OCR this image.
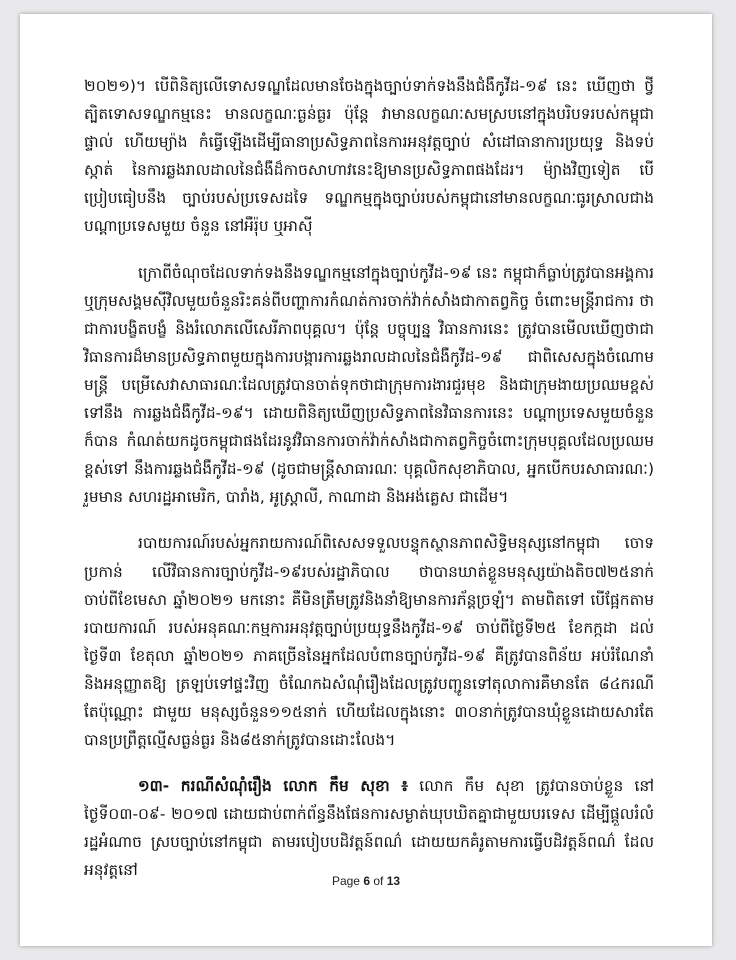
២០២១)។ បើពិនិត្យលើទោសទណ្ឌដែលមានចែងក្នុងច្បាប់ទាក់ទងនឹងជំងឺកូវីដ-១៩ នេះ ឃើញថា ថ្វីត្បិតទោសទណ្ឌកម្មនេះ មានលក្ខណៈធ្ងន់ធ្ងរ ប៉ុន្តែ វាមានលក្ខណៈសមស្របនៅក្នុងបរិបទរបស់កម្ពុជាផ្ទាល់ ហើយម្យ៉ាង កំធ្វើឡើងដើម្បីធានាប្រសិទ្ធភាពនៃការអនុវត្តច្បាប់ សំដៅធានាការប្រយុទ្ធ និងទប់ស្កាត់ នៃការឆ្លងរាលដាលនៃជំងឺដ៏កាចសាហាវនេះឱ្យមានប្រសិទ្ធភាពផងដែរ។ ម៉្យាងវិញទៀត បើប្រៀបធៀបនឹង ច្បាប់របស់ប្រទេសដទៃ ទណ្ឌកម្មក្នុងច្បាប់របស់កម្ពុជានៅមានលក្ខណៈធូរស្រាលជាងបណ្តាប្រទេសមួយ ចំនួន នៅអឺរ៉ុប ឬអាស៊ី

ក្រោពីចំណុចដែលទាក់ទងនឹងទណ្ឌកម្មនៅក្នុងច្បាប់កូវីដ-១៩ នេះ កម្ពុជាក៏ធ្លាប់ត្រូវបានអង្គការ ឬក្រុមសង្គមស៊ីវិលមួយចំនួនរិះគន់ពីបញ្ហាការកំណត់ការចាក់វ៉ាក់សាំងជាកាតព្វកិច្ច ចំពោះមន្ត្រីរាជការ ថាជាការបង្ខិតបង្ខំ និងរំលោភលើសេរីភាពបុគ្គល។ ប៉ុន្តែ បច្ចុប្បន្ន វិធានការនេះ ត្រូវបានមើលឃើញថាជា វិធានការដ៏មានប្រសិទ្ធភាពមួយក្នុងការបង្ការការឆ្លងរាលដាលនៃជំងឺកូវីដ-១៩ ជាពិសេសក្នុងចំណោមមន្ត្រី បម្រើសេវាសាធារណៈដែលត្រូវបានចាត់ទុកថាជាក្រុមការងារជួរមុខ និងជាក្រុមងាយប្រឈមខ្ពស់ទៅនឹង ការឆ្លងជំងឺកូវីដ-១៩។ ដោយពិនិត្យឃើញប្រសិទ្ធភាពនៃវិធានការនេះ បណ្តាប្រទេសមួយចំនួនក៏បាន កំណត់យកដូចកម្ពុជាផងដែរនូវវិធានការចាក់វ៉ាក់សាំងជាកាតព្វកិច្ចចំពោះក្រុមបុគ្គលដែលប្រឈមខ្ពស់ទៅ នឹងការឆ្លងជំងឺកូវីដ-១៩ (ដូចជាមន្ត្រីសាធារណៈ បុគ្គលិកសុខាភិបាល, អ្នកបើកបរសាធារណៈ) រួមមាន សហរដ្ឋអាមេរិក, បារាំង, អូស្ត្រាលី, កាណាដា និងអង់គ្លេស ជាដើម។

របាយការណ៍របស់អ្នករាយការណ៍ពិសេសទទួលបន្ទុកស្ថានភាពសិទ្ធិមនុស្សនៅកម្ពុជា ចោទប្រកាន់ លើវិធានការច្បាប់កូវីដ-១៩របស់រដ្ឋាភិបាល ថាបានឃាត់ខ្លួនមនុស្សយ៉ាងតិច៧២៥នាក់ ចាប់ពីខែមេសា ឆ្នាំ២០២១ មកនោះ គឺមិនត្រឹមត្រូវនិងនាំឱ្យមានការភ័ន្តច្រឡំ។ តាមពិតទៅ បើផ្អែកតាមរបាយការណ៍ របស់អនុគណៈកម្មការអនុវត្តច្បាប់ប្រយុទ្ធនឹងកូវីដ-១៩ ចាប់ពីថ្ងៃទី២៥ ខែកក្កដា ដល់ថ្ងៃទី៣ ខែតុលា ឆ្នាំ២០២១ ភាគច្រើននៃអ្នកដែលបំពានច្បាប់កូវីដ-១៩ គឺត្រូវបានពិន័យ អប់រំណែនាំ និងអនុញ្ញាតឱ្យ ត្រឡប់ទៅផ្ទះវិញ ចំណែកឯសំណុំរឿងដែលត្រូវបញ្ជូនទៅតុលាការគឺមានតែ ៨៤ករណី តែប៉ុណ្ណោះ ជាមួយ មនុស្សចំនួន១១៥នាក់ ហើយដែលក្នុងនោះ ៣០នាក់ត្រូវបានឃុំខ្លួនដោយសារតែបានប្រព្រឹត្តល្មើសធ្ងន់ធ្ងរ និង៨៥នាក់ត្រូវបានដោះលែង។

១៣- ករណីសំណុំរឿង លោក កឹម សុខា ៖ លោក កឹម សុខា ត្រូវបានចាប់ខ្លួន នៅថ្ងៃទី០៣-០៩- ២០១៧ ដោយជាប់ពាក់ព័ន្ធនឹងផែនការសម្ងាត់ឃុបឃិតគ្នាជាមួយបរទេស ដើម្បីផ្តួលរំលំរដ្ឋអំណាច ស្របច្បាប់នៅកម្ពុជា តាមរបៀបបដិវត្តន៍ពណ៌ ដោយយកគំរូតាមការធ្វើបដិវត្តន៍ពណ៌ ដែលអនុវត្តនៅ

Page 6 of 13
